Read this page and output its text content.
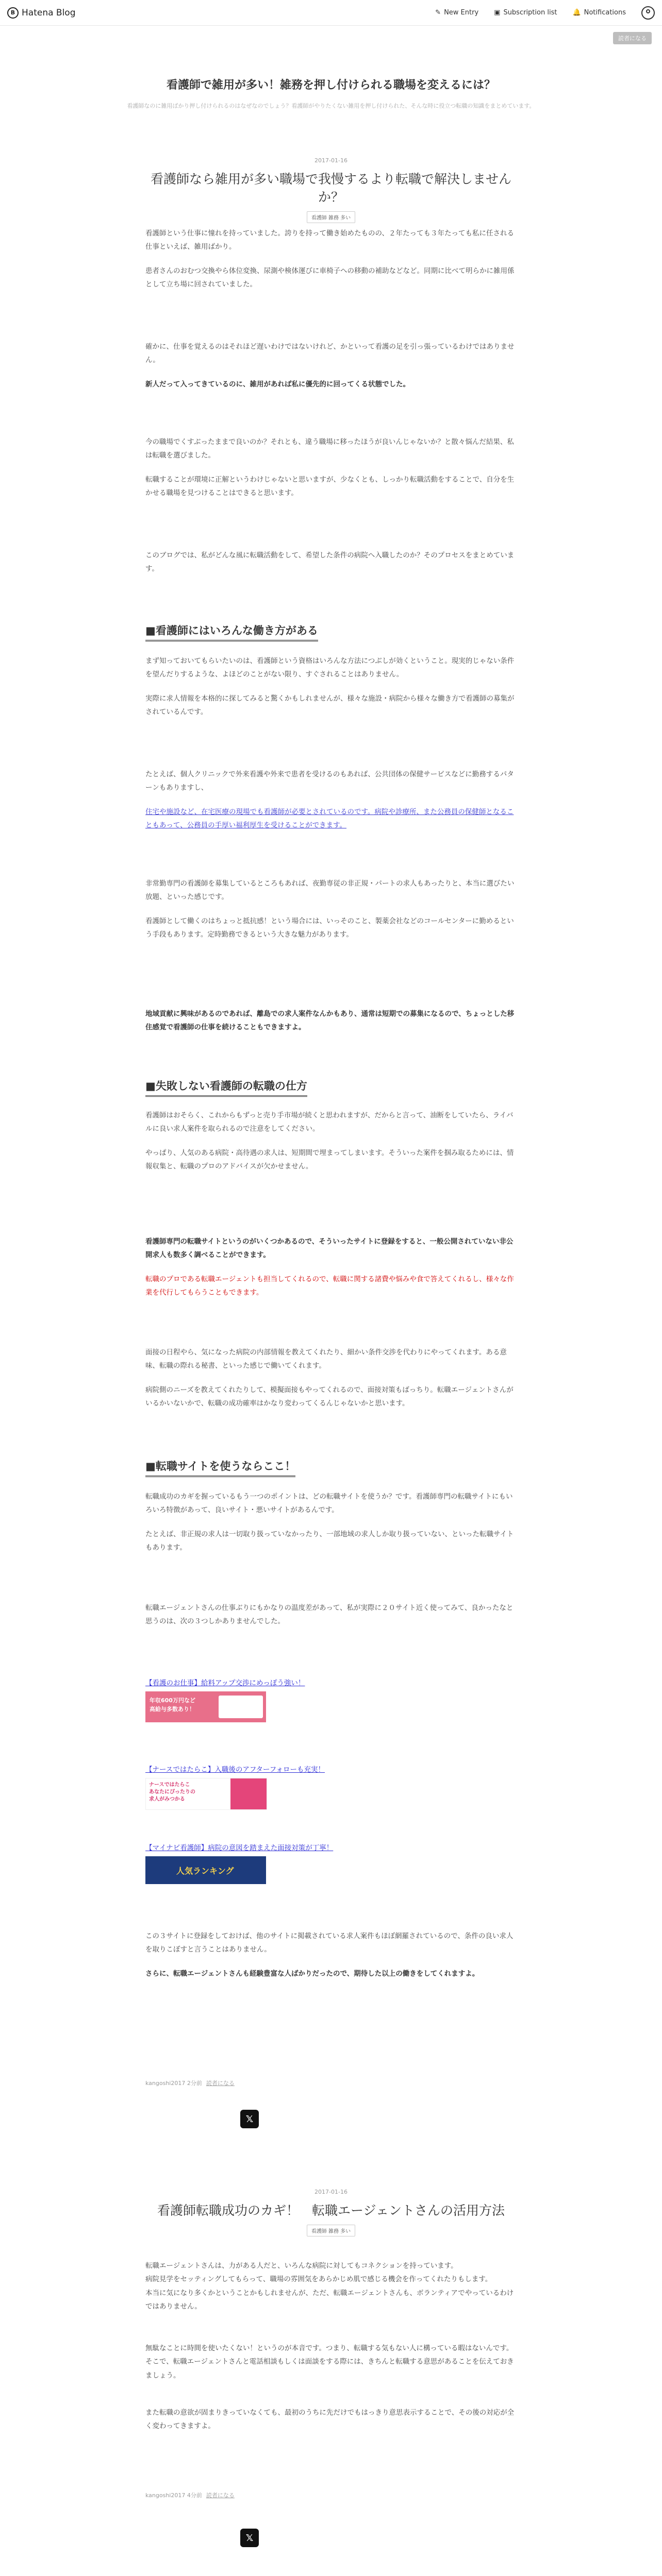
B Hatena Blog	✎ New Entry ▣ Subscription list 🔔 Notifications
読者になる
看護師で雑用が多い！雑務を押し付けられる職場を変えるには？
看護師なのに雑用ばかり押し付けられるのはなぜなのでしょう？看護師がやりたくない雑用を押し付けられた、そんな時に役立つ転職の知識をまとめています。
2017-01-16
看護師なら雑用が多い職場で我慢するより転職で解決しませんか？
看護師 雑務 多い

看護師という仕事に憧れを持っていました。誇りを持って働き始めたものの、２年たっても３年たっても私に任される仕事といえば、雑用ばかり。

患者さんのおむつ交換やら体位変換、尿測や検体運びに車椅子への移動の補助などなど。同期に比べて明らかに雑用係として立ち場に回されていました。

確かに、仕事を覚えるのはそれほど遅いわけではないけれど、かといって看護の足を引っ張っているわけではありません。

新人だって入ってきているのに、雑用があれば私に優先的に回ってくる状態でした。

今の職場でくすぶったままで良いのか？それとも、違う職場に移ったほうが良いんじゃないか？と散々悩んだ結果、私は転職を選びました。

転職することが環境に正解というわけじゃないと思いますが、少なくとも、しっかり転職活動をすることで、自分を生かせる職場を見つけることはできると思います。

このブログでは、私がどんな風に転職活動をして、希望した条件の病院へ入職したのか？そのプロセスをまとめています。

■看護師にはいろんな働き方がある

まず知っておいてもらいたいのは、看護師という資格はいろんな方法につぶしが効くということ。現実的じゃない条件を望んだりするような、よほどのことがない限り、すぐされることはありません。

実際に求人情報を本格的に探してみると驚くかもしれませんが、様々な施設・病院から様々な働き方で看護師の募集がされているんです。

たとえば、個人クリニックで外来看護や外来で患者を受けるのもあれば、公共団体の保健サービスなどに勤務するパターンもありますし、

住宅や施設など、在宅医療の現場でも看護師が必要とされているのです。病院や診療所、また公務員の保健師となることもあって、公務員の手厚い福利厚生を受けることができます。

非常勤専門の看護師を募集しているところもあれば、夜勤専従の非正規・パートの求人もあったりと、本当に選びたい放題、といった感じです。

看護師として働くのはちょっと抵抗感！という場合には、いっそのこと、製薬会社などのコールセンターに勤めるという手段もあります。定時勤務できるという大きな魅力があります。

地域貢献に興味があるのであれば、離島での求人案件なんかもあり、通常は短期での募集になるので、ちょっとした移住感覚で看護師の仕事を続けることもできますよ。

■失敗しない看護師の転職の仕方

看護師はおそらく、これからもずっと売り手市場が続くと思われますが、だからと言って、油断をしていたら、ライバルに良い求人案件を取られるので注意をしてください。

やっぱり、人気のある病院・高待遇の求人は、短期間で埋まってしまいます。そういった案件を掴み取るためには、情報収集と、転職のプロのアドバイスが欠かせません。

看護師専門の転職サイトというのがいくつかあるので、そういったサイトに登録をすると、一般公開されていない非公開求人も数多く調べることができます。

転職のプロである転職エージェントも担当してくれるので、転職に関する諸費や悩みや食で答えてくれるし、様々な作業を代行してもらうこともできます。

面接の日程やら、気になった病院の内部情報を教えてくれたり、細かい条件交渉を代わりにやってくれます。ある意味、転職の際れる秘書、といった感じで働いてくれます。

病院側のニーズを教えてくれたりして、模擬面接もやってくれるので、面接対策もばっちり。転職エージェントさんがいるかいないかで、転職の成功確率はかなり変わってくるんじゃないかと思います。

■転職サイトを使うならここ！

転職成功のカギを握っているもう一つのポイントは、どの転職サイトを使うか？です。看護師専門の転職サイトにもいろいろ特徴があって、良いサイト・悪いサイトがあるんです。

たとえば、非正規の求人は一切取り扱っていなかったり、一部地域の求人しか取り扱っていない、といった転職サイトもあります。

転職エージェントさんの仕事ぶりにもかなりの温度差があって、私が実際に２０サイト近く使ってみて、良かったなと思うのは、次の３つしかありませんでした。

【看護のお仕事】給料アップ交渉にめっぽう強い！
年収600万円など
高給与多数あり！
【ナースではたらこ】入職後のアフターフォローも充実！
ナースではたらこ
あなたにぴったりの
求人がみつかる
【マイナビ看護師】病院の意図を踏まえた面接対策が丁寧！
人気ランキング

この３サイトに登録をしておけば、他のサイトに掲載されている求人案件もほぼ網羅されているので、条件の良い求人を取りこぼすと言うことはありません。

さらに、転職エージェントさんも経験豊富な人ばかりだったので、期待した以上の働きをしてくれますよ。

kangoshi2017 2分前 読者になる
𝕏
2017-01-16
看護師転職成功のカギ！　転職エージェントさんの活用方法
看護師 雑務 多い

転職エージェントさんは、力がある人だと、いろんな病院に対してもコネクションを持っています。

病院見学をセッティングしてもらって、職場の雰囲気をあらかじめ肌で感じる機会を作ってくれたりもします。

本当に気になり多くかということかもしれませんが、ただ、転職エージェントさんも、ボランティアでやっているわけではありません。

無駄なことに時間を使いたくない！というのが本音です。つまり、転職する気もない人に構っている暇はないんです。

そこで、転職エージェントさんと電話相談もしくは面談をする際には、きちんと転職する意思があることを伝えておきましょう。

また転職の意欲が固まりきっていなくても、最初のうちに先だけでもはっきり意思表示することで、その後の対応が全く変わってきますよ。

kangoshi2017 4分前 読者になる
𝕏
